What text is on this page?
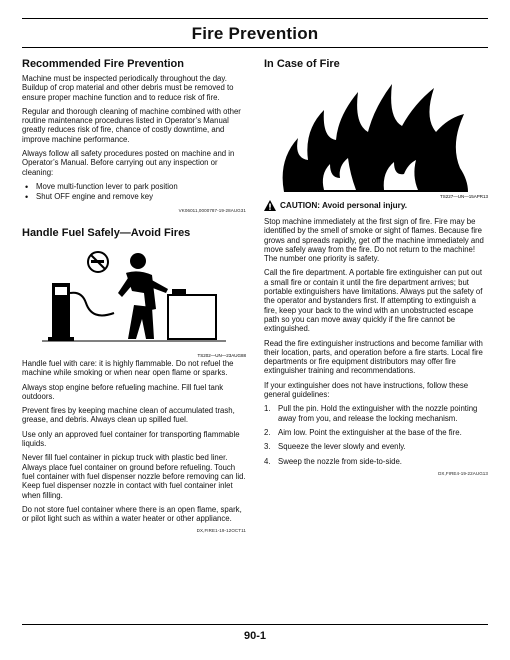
Fire Prevention
Recommended Fire Prevention

Machine must be inspected periodically throughout the day. Buildup of crop material and other debris must be removed to ensure proper machine function and to reduce risk of fire.

Regular and thorough cleaning of machine combined with other routine maintenance procedures listed in Operator’s Manual greatly reduces risk of fire, chance of costly downtime, and improve machine performance.

Always follow all safety procedures posted on machine and in Operator’s Manual. Before carrying out any inspection or cleaning:

• Move multi-function lever to park position
• Shut OFF engine and remove key
VK06011,0000787-19-28AUG31
Handle Fuel Safely—Avoid Fires
TS202—UN—23AUG88

Handle fuel with care: it is highly flammable. Do not refuel the machine while smoking or when near open flame or sparks.

Always stop engine before refueling machine. Fill fuel tank outdoors.

Prevent fires by keeping machine clean of accumulated trash, grease, and debris. Always clean up spilled fuel.

Use only an approved fuel container for transporting flammable liquids.

Never fill fuel container in pickup truck with plastic bed liner. Always place fuel container on ground before refueling. Touch fuel container with fuel dispenser nozzle before removing can lid. Keep fuel dispenser nozzle in contact with fuel container inlet when filling.

Do not store fuel container where there is an open flame, spark, or pilot light such as within a water heater or other appliance.

DX,FIRE1-19-12OCT11
In Case of Fire
TS227—UN—15APR13
CAUTION: Avoid personal injury.

Stop machine immediately at the first sign of fire. Fire may be identified by the smell of smoke or sight of flames. Because fire grows and spreads rapidly, get off the machine immediately and move safely away from the fire. Do not return to the machine! The number one priority is safety.

Call the fire department. A portable fire extinguisher can put out a small fire or contain it until the fire department arrives; but portable extinguishers have limitations. Always put the safety of the operator and bystanders first. If attempting to extinguish a fire, keep your back to the wind with an unobstructed escape path so you can move away quickly if the fire cannot be extinguished.

Read the fire extinguisher instructions and become familiar with their location, parts, and operation before a fire starts. Local fire departments or fire equipment distributors may offer fire extinguisher training and recommendations.

If your extinguisher does not have instructions, follow these general guidelines:

1. Pull the pin. Hold the extinguisher with the nozzle pointing away from you, and release the locking mechanism.
2. Aim low. Point the extinguisher at the base of the fire.
3. Squeeze the lever slowly and evenly.
4. Sweep the nozzle from side-to-side.
DX,FIRE4-19-22AUG13
90-1
